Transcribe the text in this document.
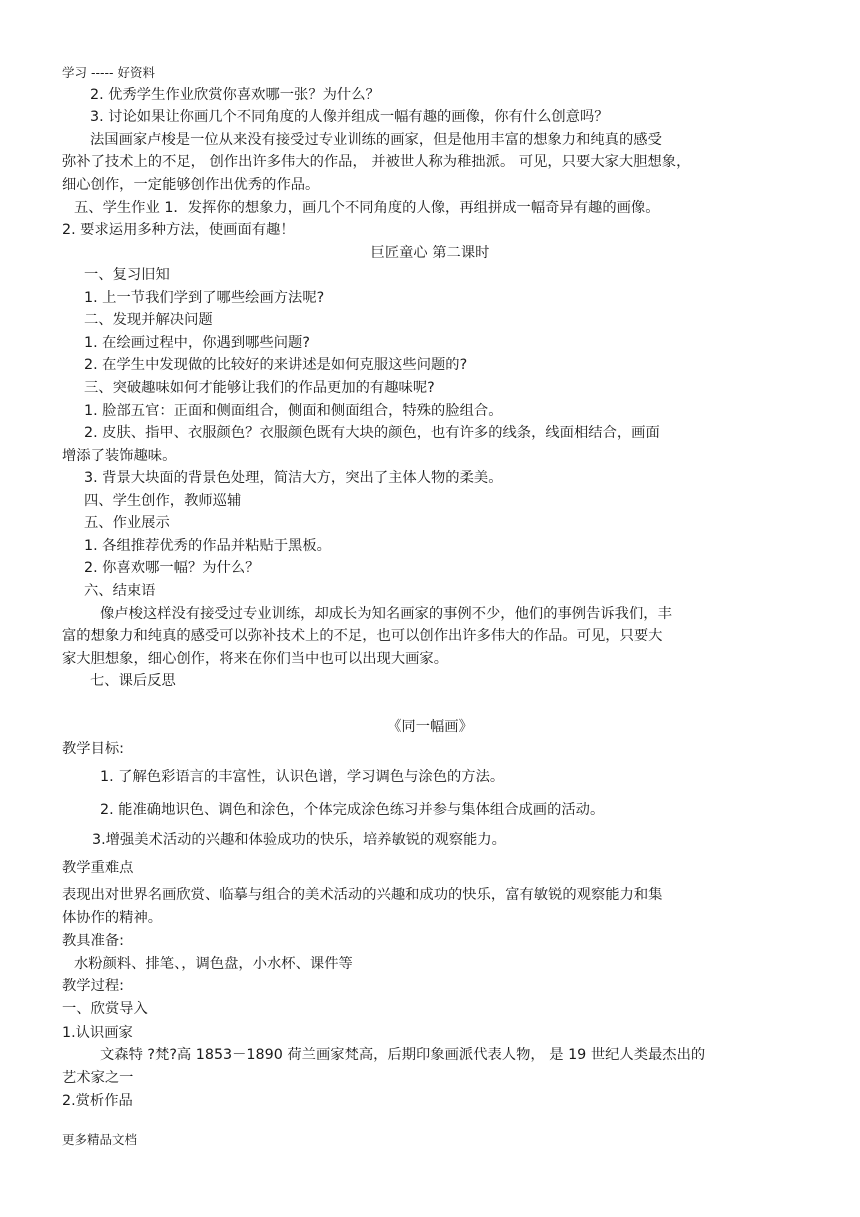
学习 ----- 好资料
2. 优秀学生作业欣赏你喜欢哪一张？为什么？
3. 讨论如果让你画几个不同角度的人像并组成一幅有趣的画像，你有什么创意吗？
法国画家卢梭是一位从来没有接受过专业训练的画家，但是他用丰富的想象力和纯真的感受
弥补了技术上的不足， 创作出许多伟大的作品， 并被世人称为稚拙派。 可见，只要大家大胆想象，
细心创作，一定能够创作出优秀的作品。
五、学生作业 1．发挥你的想象力，画几个不同角度的人像，再组拼成一幅奇异有趣的画像。
2. 要求运用多种方法，使画面有趣！
巨匠童心 第二课时
一、复习旧知
1. 上一节我们学到了哪些绘画方法呢?
二、发现并解决问题
1. 在绘画过程中，你遇到哪些问题?
2. 在学生中发现做的比较好的来讲述是如何克服这些问题的?
三、突破趣味如何才能够让我们的作品更加的有趣味呢?
1. 脸部五官：正面和侧面组合，侧面和侧面组合，特殊的脸组合。
2. 皮肤、指甲、衣服颜色？衣服颜色既有大块的颜色，也有许多的线条，线面相结合，画面
增添了装饰趣味。
3. 背景大块面的背景色处理，简洁大方，突出了主体人物的柔美。
四、学生创作，教师巡辅
五、作业展示
1. 各组推荐优秀的作品并粘贴于黑板。
2. 你喜欢哪一幅？为什么？
六、结束语
像卢梭这样没有接受过专业训练，却成长为知名画家的事例不少，他们的事例告诉我们，丰
富的想象力和纯真的感受可以弥补技术上的不足，也可以创作出许多伟大的作品。可见，只要大
家大胆想象，细心创作，将来在你们当中也可以出现大画家。
七、课后反思
《同一幅画》
教学目标:
1. 了解色彩语言的丰富性，认识色谱，学习调色与涂色的方法。
2. 能准确地识色、调色和涂色，个体完成涂色练习并参与集体组合成画的活动。
3.增强美术活动的兴趣和体验成功的快乐，培养敏锐的观察能力。
教学重难点
表现出对世界名画欣赏、临摹与组合的美术活动的兴趣和成功的快乐，富有敏锐的观察能力和集
体协作的精神。
教具准备:
水粉颜料、排笔、，调色盘，小水杯、课件等
教学过程:
一、欣赏导入
1.认识画家
文森特 ?梵?高 1853－1890 荷兰画家梵高，后期印象画派代表人物， 是 19 世纪人类最杰出的
艺术家之一
2.赏析作品
更多精品文档
